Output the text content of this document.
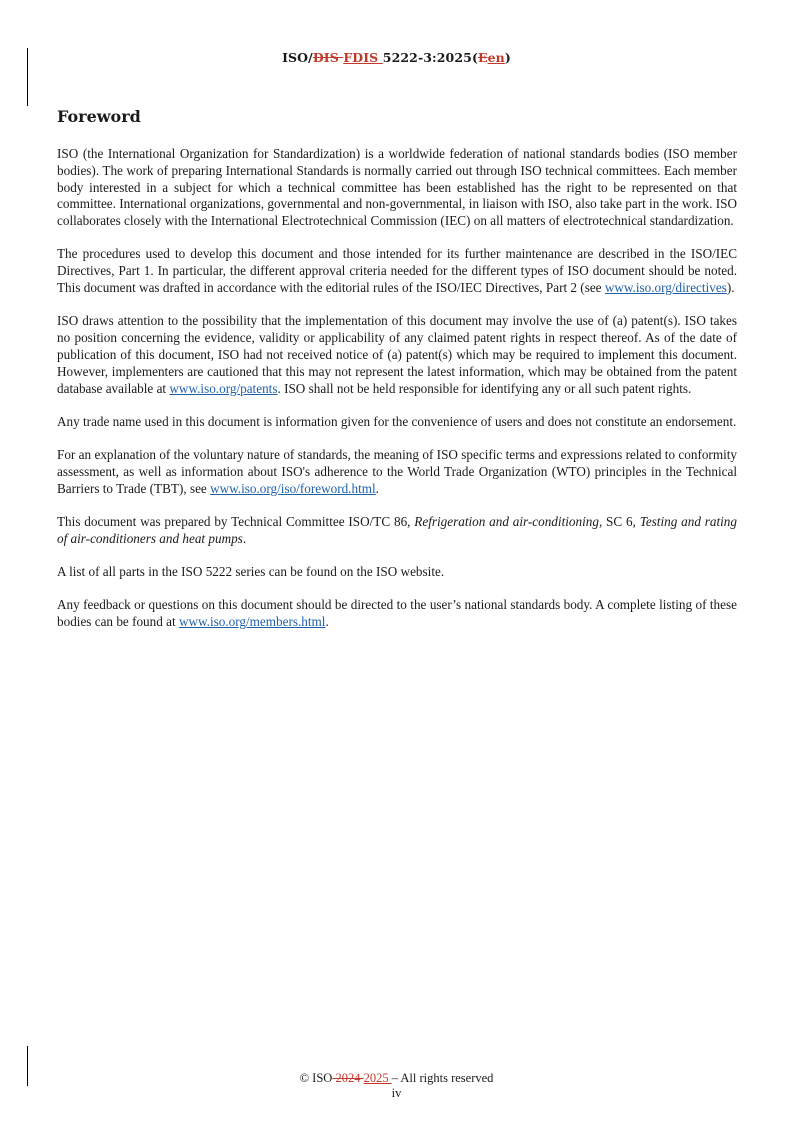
ISO/DIS FDIS 5222-3:2025(Een)
Foreword

ISO (the International Organization for Standardization) is a worldwide federation of national standards bodies (ISO member bodies). The work of preparing International Standards is normally carried out through ISO technical committees. Each member body interested in a subject for which a technical committee has been established has the right to be represented on that committee. International organizations, governmental and non-governmental, in liaison with ISO, also take part in the work. ISO collaborates closely with the International Electrotechnical Commission (IEC) on all matters of electrotechnical standardization.

The procedures used to develop this document and those intended for its further maintenance are described in the ISO/IEC Directives, Part 1. In particular, the different approval criteria needed for the different types of ISO document should be noted. This document was drafted in accordance with the editorial rules of the ISO/IEC Directives, Part 2 (see www.iso.org/directives).

ISO draws attention to the possibility that the implementation of this document may involve the use of (a) patent(s). ISO takes no position concerning the evidence, validity or applicability of any claimed patent rights in respect thereof. As of the date of publication of this document, ISO had not received notice of (a) patent(s) which may be required to implement this document. However, implementers are cautioned that this may not represent the latest information, which may be obtained from the patent database available at www.iso.org/patents. ISO shall not be held responsible for identifying any or all such patent rights.

Any trade name used in this document is information given for the convenience of users and does not constitute an endorsement.

For an explanation of the voluntary nature of standards, the meaning of ISO specific terms and expressions related to conformity assessment, as well as information about ISO's adherence to the World Trade Organization (WTO) principles in the Technical Barriers to Trade (TBT), see www.iso.org/iso/foreword.html.

This document was prepared by Technical Committee ISO/TC 86, Refrigeration and air-conditioning, SC 6, Testing and rating of air-conditioners and heat pumps.

A list of all parts in the ISO 5222 series can be found on the ISO website.

Any feedback or questions on this document should be directed to the user’s national standards body. A complete listing of these bodies can be found at www.iso.org/members.html.

© ISO 2024 2025 – All rights reserved
iv
